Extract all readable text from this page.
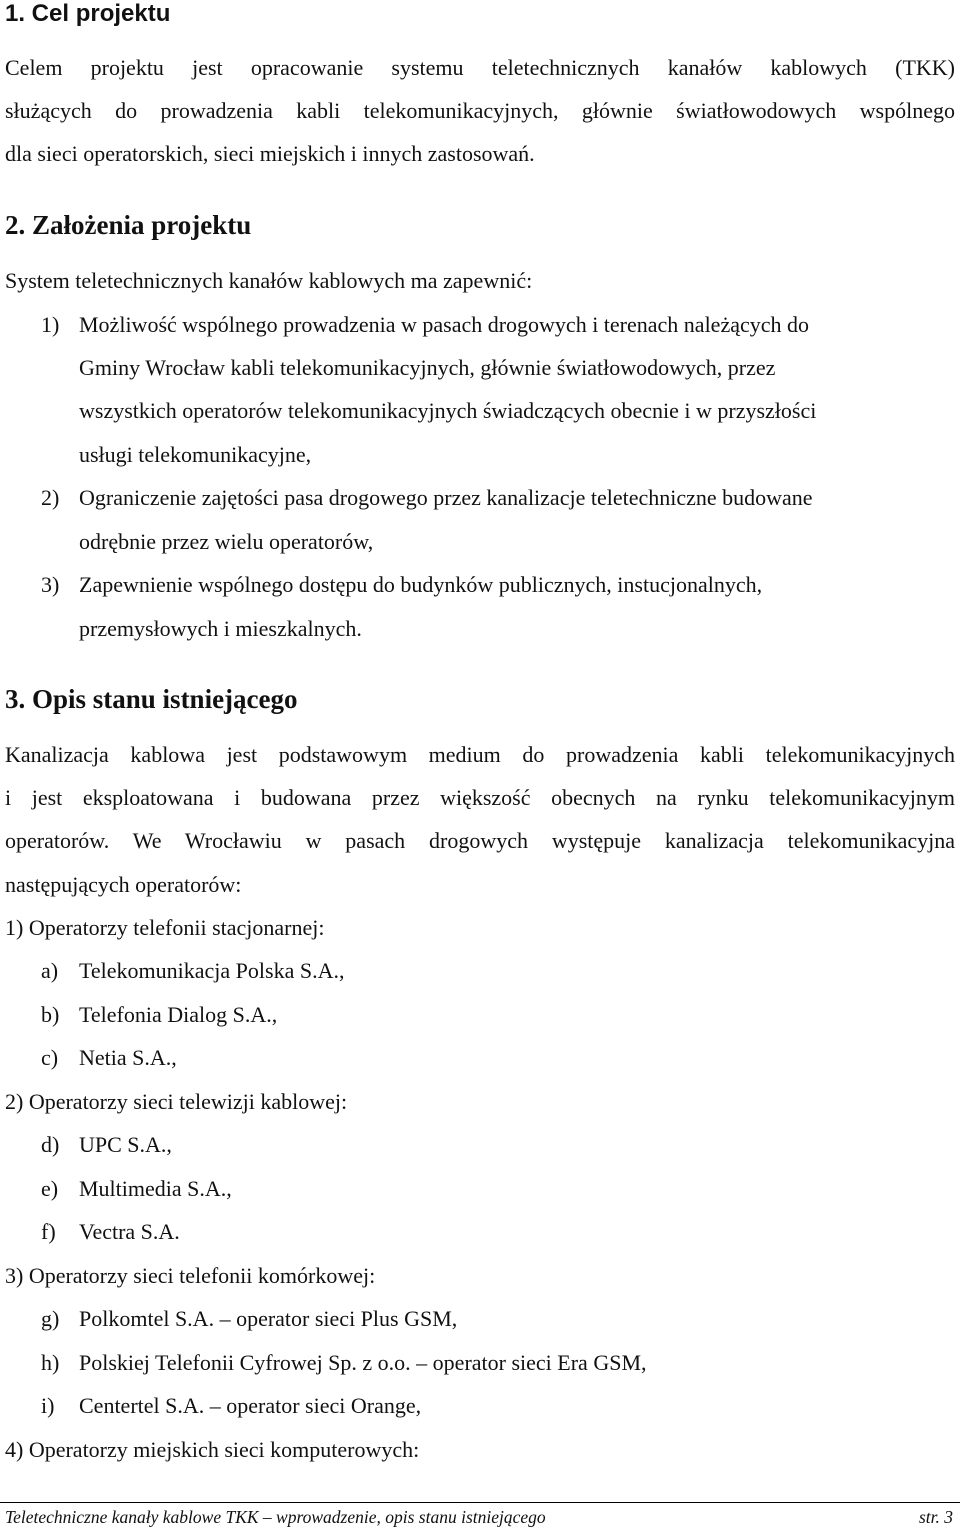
1. Cel projektu
Celem projektu jest opracowanie systemu teletechnicznych kanałów kablowych (TKK)
służących do prowadzenia kabli telekomunikacyjnych, głównie światłowodowych wspólnego
dla sieci operatorskich, sieci miejskich i innych zastosowań.
2. Założenia projektu
System teletechnicznych kanałów kablowych ma zapewnić:
1) Możliwość wspólnego prowadzenia w pasach drogowych i terenach należących do
Gminy Wrocław kabli telekomunikacyjnych, głównie światłowodowych, przez
wszystkich operatorów telekomunikacyjnych świadczących obecnie i w przyszłości
usługi telekomunikacyjne,
2) Ograniczenie zajętości pasa drogowego przez kanalizacje teletechniczne budowane
odrębnie przez wielu operatorów,
3) Zapewnienie wspólnego dostępu do budynków publicznych, instucjonalnych,
przemysłowych i mieszkalnych.
3. Opis stanu istniejącego
Kanalizacja kablowa jest podstawowym medium do prowadzenia kabli telekomunikacyjnych
i jest eksploatowana i budowana przez większość obecnych na rynku telekomunikacyjnym
operatorów. We Wrocławiu w pasach drogowych występuje kanalizacja telekomunikacyjna
następujących operatorów:
1) Operatorzy telefonii stacjonarnej:
a) Telekomunikacja Polska S.A.,
b) Telefonia Dialog S.A.,
c) Netia S.A.,
2) Operatorzy sieci telewizji kablowej:
d) UPC S.A.,
e) Multimedia S.A.,
f) Vectra S.A.
3) Operatorzy sieci telefonii komórkowej:
g) Polkomtel S.A. – operator sieci Plus GSM,
h) Polskiej Telefonii Cyfrowej Sp. z o.o. – operator sieci Era GSM,
i) Centertel S.A. – operator sieci Orange,
4) Operatorzy miejskich sieci komputerowych:
Teletechniczne kanały kablowe TKK – wprowadzenie, opis stanu istniejącego	str. 3
